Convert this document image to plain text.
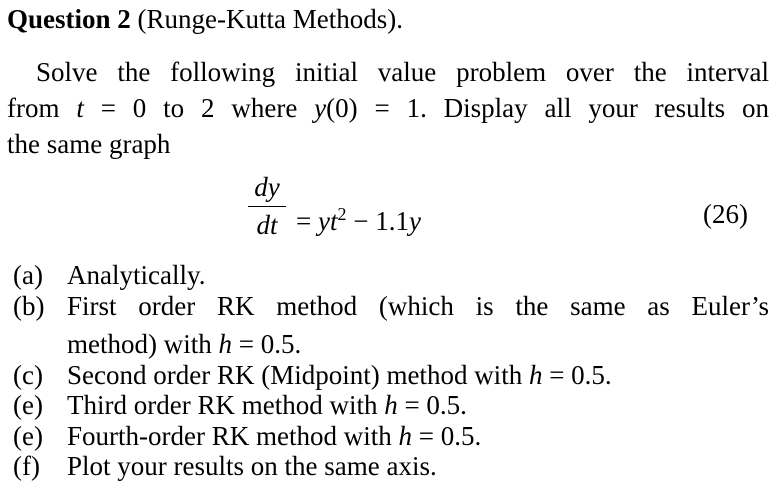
Question 2 (Runge-Kutta Methods).
Solve the following initial value problem over the interval
from t = 0 to 2 where y(0) = 1. Display all your results on
the same graph
dy
dt = $yt^2 - 1.1y$	(26)
(a) Analytically.
(b) First order RK method (which is the same as Euler’s
method) with h = 0.5.
(c) Second order RK (Midpoint) method with h = 0.5.
(e) Third order RK method with h = 0.5.
(e) Fourth-order RK method with h = 0.5.
(f) Plot your results on the same axis.
